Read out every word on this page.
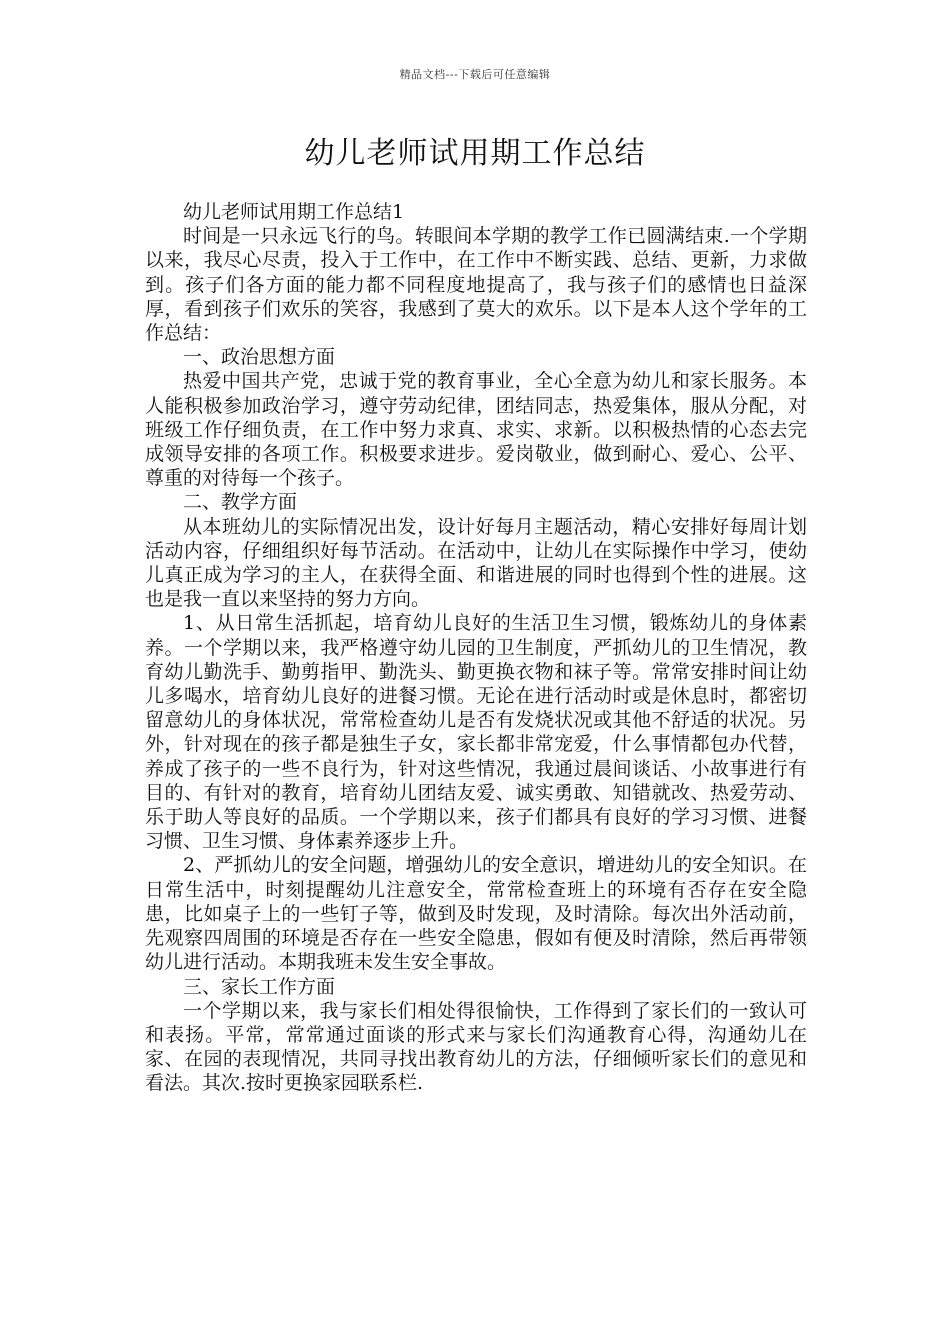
精品文档---下载后可任意编辑
幼儿老师试用期工作总结

幼儿老师试用期工作总结1

时间是一只永远飞行的鸟。转眼间本学期的教学工作已圆满结束.一个学期以来，我尽心尽责，投入于工作中，在工作中不断实践、总结、更新，力求做到。孩子们各方面的能力都不同程度地提高了，我与孩子们的感情也日益深厚，看到孩子们欢乐的笑容，我感到了莫大的欢乐。以下是本人这个学年的工作总结：

一、政治思想方面

热爱中国共产党，忠诚于党的教育事业，全心全意为幼儿和家长服务。本人能积极参加政治学习，遵守劳动纪律，团结同志，热爱集体，服从分配，对班级工作仔细负责，在工作中努力求真、求实、求新。以积极热情的心态去完成领导安排的各项工作。积极要求进步。爱岗敬业，做到耐心、爱心、公平、尊重的对待每一个孩子。

二、教学方面

从本班幼儿的实际情况出发，设计好每月主题活动，精心安排好每周计划活动内容，仔细组织好每节活动。在活动中，让幼儿在实际操作中学习，使幼儿真正成为学习的主人，在获得全面、和谐进展的同时也得到个性的进展。这也是我一直以来坚持的努力方向。

1、从日常生活抓起，培育幼儿良好的生活卫生习惯，锻炼幼儿的身体素养。一个学期以来，我严格遵守幼儿园的卫生制度，严抓幼儿的卫生情况，教育幼儿勤洗手、勤剪指甲、勤洗头、勤更换衣物和袜子等。常常安排时间让幼儿多喝水，培育幼儿良好的进餐习惯。无论在进行活动时或是休息时，都密切留意幼儿的身体状况，常常检查幼儿是否有发烧状况或其他不舒适的状况。另外，针对现在的孩子都是独生子女，家长都非常宠爱，什么事情都包办代替，养成了孩子的一些不良行为，针对这些情况，我通过晨间谈话、小故事进行有目的、有针对的教育，培育幼儿团结友爱、诚实勇敢、知错就改、热爱劳动、乐于助人等良好的品质。一个学期以来，孩子们都具有良好的学习习惯、进餐习惯、卫生习惯、身体素养逐步上升。

2、严抓幼儿的安全问题，增强幼儿的安全意识，增进幼儿的安全知识。在日常生活中，时刻提醒幼儿注意安全，常常检查班上的环境有否存在安全隐患，比如桌子上的一些钉子等，做到及时发现，及时清除。每次出外活动前，先观察四周围的环境是否存在一些安全隐患，假如有便及时清除，然后再带领幼儿进行活动。本期我班未发生安全事故。

三、家长工作方面

一个学期以来，我与家长们相处得很愉快，工作得到了家长们的一致认可和表扬。平常，常常通过面谈的形式来与家长们沟通教育心得，沟通幼儿在家、在园的表现情况，共同寻找出教育幼儿的方法，仔细倾听家长们的意见和看法。其次.按时更换家园联系栏.
